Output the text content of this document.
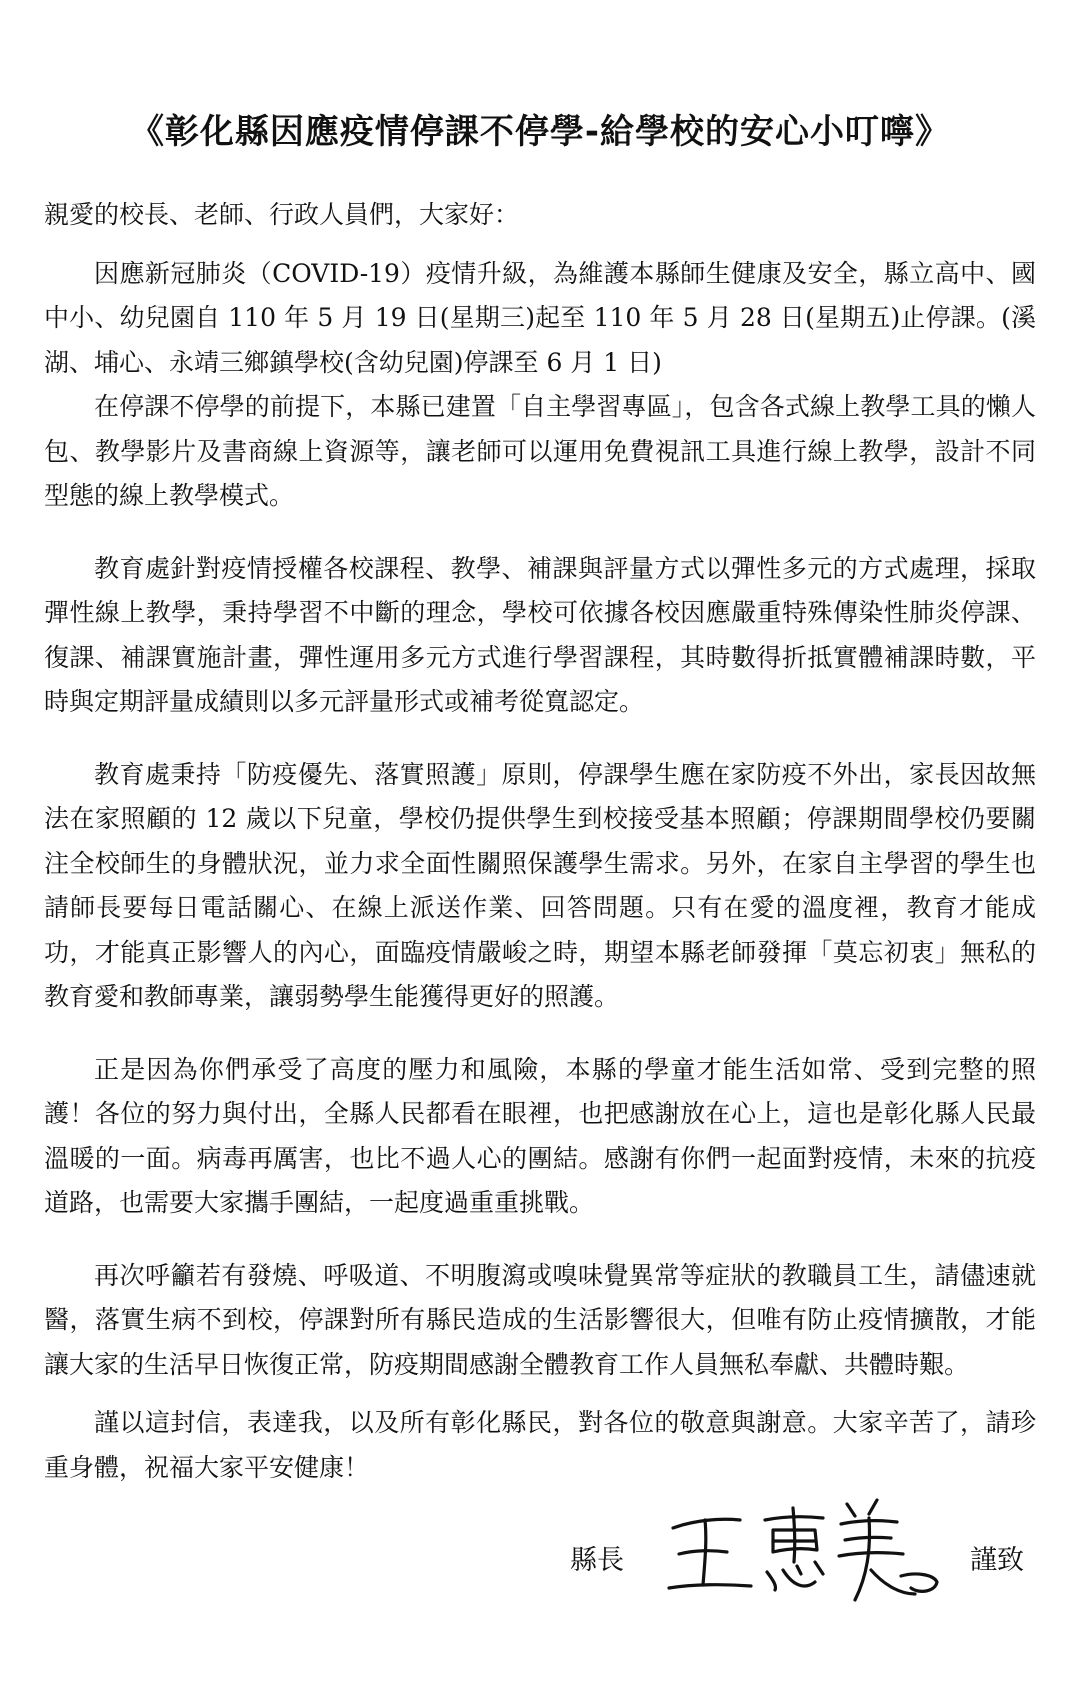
《彰化縣因應疫情停課不停學-給學校的安心小叮嚀》

親愛的校長、老師、行政人員們，大家好：

因應新冠肺炎（COVID-19）疫情升級，為維護本縣師生健康及安全，縣立高中、國中小、幼兒園自 110 年 5 月 19 日(星期三)起至 110 年 5 月 28 日(星期五)止停課。(溪湖、埔心、永靖三鄉鎮學校(含幼兒園)停課至 6 月 1 日)

在停課不停學的前提下，本縣已建置「自主學習專區」，包含各式線上教學工具的懶人包、教學影片及書商線上資源等，讓老師可以運用免費視訊工具進行線上教學，設計不同型態的線上教學模式。

教育處針對疫情授權各校課程、教學、補課與評量方式以彈性多元的方式處理，採取彈性線上教學，秉持學習不中斷的理念，學校可依據各校因應嚴重特殊傳染性肺炎停課、復課、補課實施計畫，彈性運用多元方式進行學習課程，其時數得折抵實體補課時數，平時與定期評量成績則以多元評量形式或補考從寬認定。

教育處秉持「防疫優先、落實照護」原則，停課學生應在家防疫不外出，家長因故無法在家照顧的 12 歲以下兒童，學校仍提供學生到校接受基本照顧；停課期間學校仍要關注全校師生的身體狀況，並力求全面性關照保護學生需求。另外，在家自主學習的學生也請師長要每日電話關心、在線上派送作業、回答問題。只有在愛的溫度裡，教育才能成功，才能真正影響人的內心，面臨疫情嚴峻之時，期望本縣老師發揮「莫忘初衷」無私的教育愛和教師專業，讓弱勢學生能獲得更好的照護。

正是因為你們承受了高度的壓力和風險，本縣的學童才能生活如常、受到完整的照護！各位的努力與付出，全縣人民都看在眼裡，也把感謝放在心上，這也是彰化縣人民最溫暖的一面。病毒再厲害，也比不過人心的團結。感謝有你們一起面對疫情，未來的抗疫道路，也需要大家攜手團結，一起度過重重挑戰。

再次呼籲若有發燒、呼吸道、不明腹瀉或嗅味覺異常等症狀的教職員工生，請儘速就醫，落實生病不到校，停課對所有縣民造成的生活影響很大，但唯有防止疫情擴散，才能讓大家的生活早日恢復正常，防疫期間感謝全體教育工作人員無私奉獻、共體時艱。

謹以這封信，表達我，以及所有彰化縣民，對各位的敬意與謝意。大家辛苦了，請珍重身體，祝福大家平安健康！

縣長	謹致
